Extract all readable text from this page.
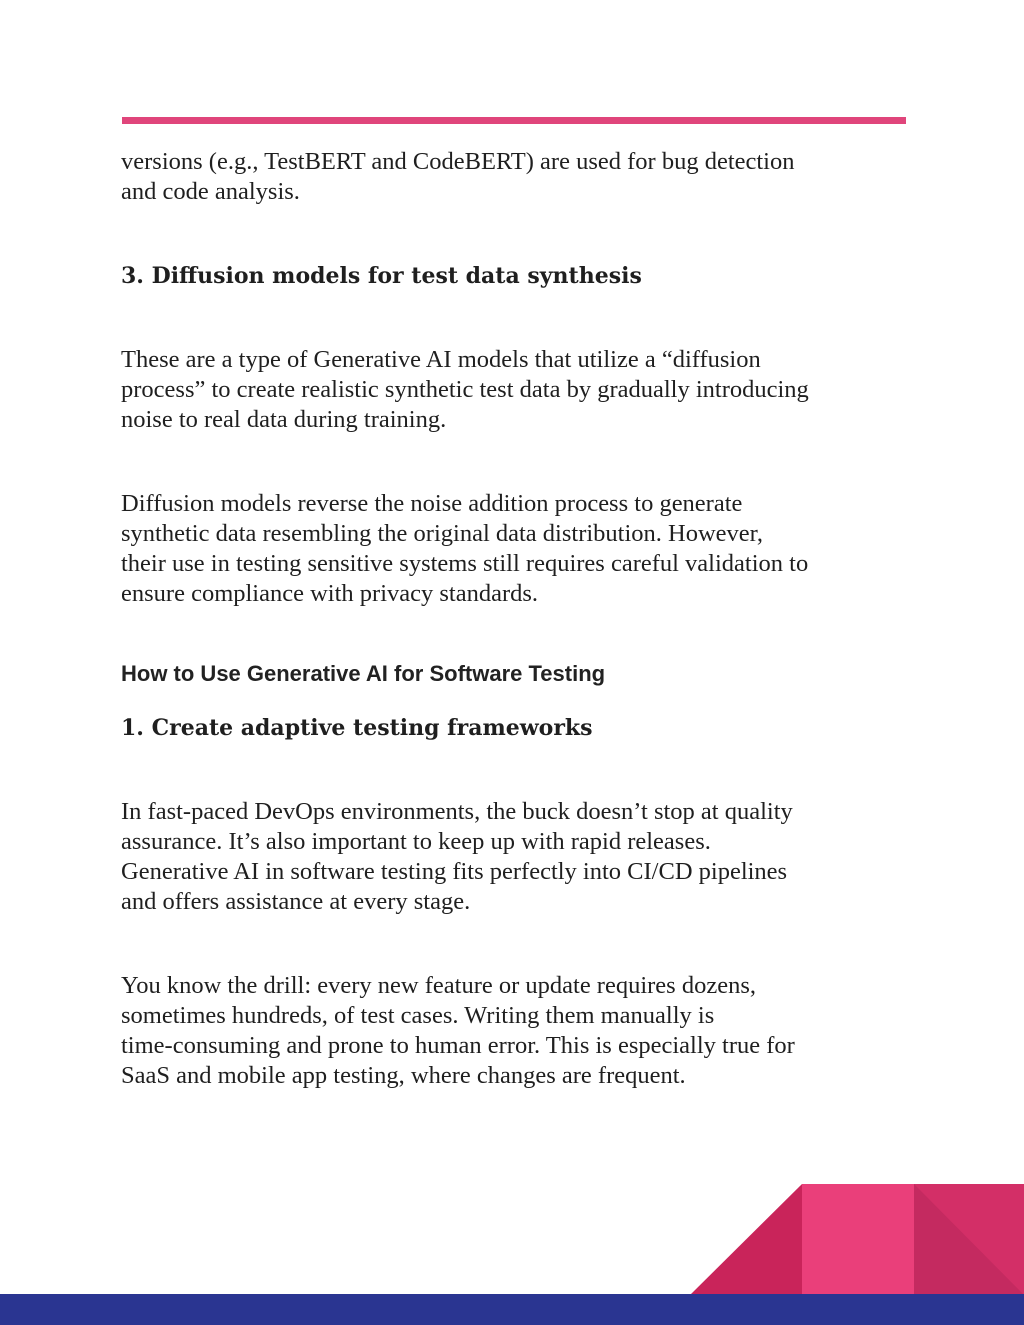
versions (e.g., TestBERT and CodeBERT) are used for bug detection
and code analysis.

3. Diffusion models for test data synthesis

These are a type of Generative AI models that utilize a “diffusion
process” to create realistic synthetic test data by gradually introducing
noise to real data during training.

Diffusion models reverse the noise addition process to generate
synthetic data resembling the original data distribution. However,
their use in testing sensitive systems still requires careful validation to
ensure compliance with privacy standards.

How to Use Generative AI for Software Testing
1. Create adaptive testing frameworks

In fast-paced DevOps environments, the buck doesn’t stop at quality
assurance. It’s also important to keep up with rapid releases.
Generative AI in software testing fits perfectly into CI/CD pipelines
and offers assistance at every stage.

You know the drill: every new feature or update requires dozens,
sometimes hundreds, of test cases. Writing them manually is
time-consuming and prone to human error. This is especially true for
SaaS and mobile app testing, where changes are frequent.
